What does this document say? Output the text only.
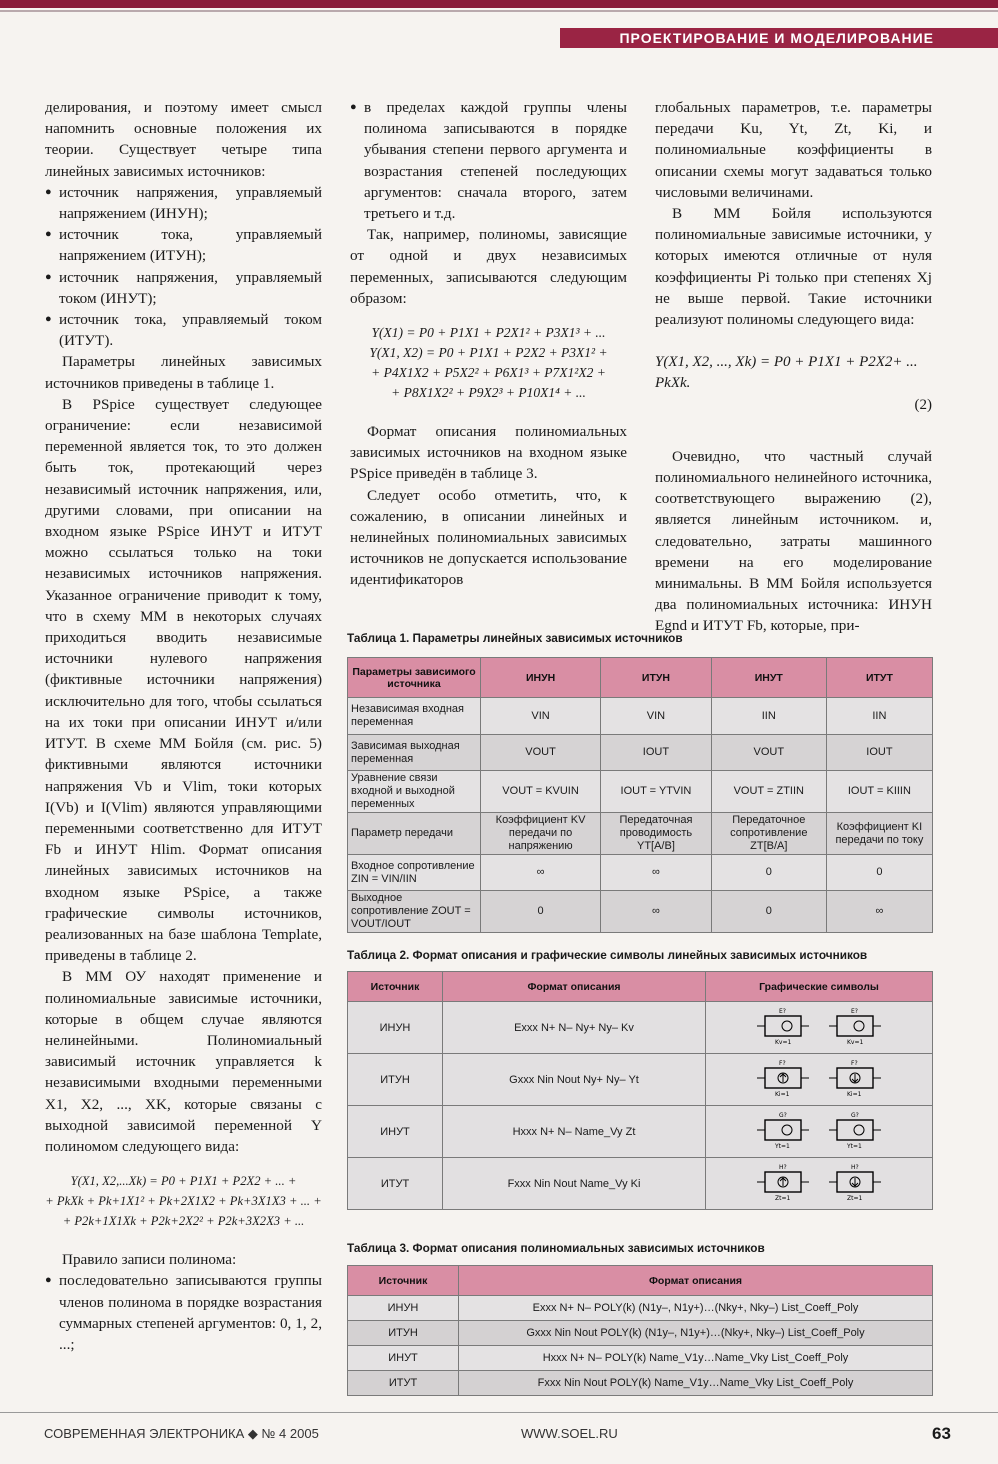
ПРОЕКТИРОВАНИЕ И МОДЕЛИРОВАНИЕ

делирования, и поэтому имеет смысл напомнить основные положения их теории. Существует четыре типа линейных зависимых источников:

● источник напряжения, управляемый напряжением (ИНУН);
● источник тока, управляемый напряжением (ИТУН);
● источник напряжения, управляемый током (ИНУТ);
● источник тока, управляемый током (ИТУТ).

Параметры линейных зависимых источников приведены в таблице 1.

В PSpice существует следующее ограничение: если независимой переменной является ток, то это должен быть ток, протекающий через независимый источник напряжения, или, другими словами, при описании на входном языке PSpice ИНУТ и ИТУТ можно ссылаться только на токи независимых источников напряжения. Указанное ограничение приводит к тому, что в схему ММ в некоторых случаях приходиться вводить независимые источники нулевого напряжения (фиктивные источники напряжения) исключительно для того, чтобы ссылаться на их токи при описании ИНУТ и/или ИТУТ. В схеме ММ Бойля (см. рис. 5) фиктивными являются источники напряжения Vb и Vlim, токи которых I(Vb) и I(Vlim) являются управляющими переменными соответственно для ИТУТ Fb и ИНУТ Hlim. Формат описания линейных зависимых источников на входном языке PSpice, а также графические символы источников, реализованных на базе шаблона Template, приведены в таблице 2.

В ММ ОУ находят применение и полиномиальные зависимые источники, которые в общем случае являются нелинейными. Полиномиальный зависимый источник управляется k независимыми входными переменными X1, X2, ..., XK, которые связаны с выходной зависимой переменной Y полиномом следующего вида:

Y(X1, X2,...Xk) = P0 + P1X1 + P2X2 + ... +
+ PkXk + Pk+1X1² + Pk+2X1X2 + Pk+3X1X3 + ... +
+ P2k+1X1Xk + P2k+2X2² + P2k+3X2X3 + ...

Правило записи полинома:

● последовательно записываются группы членов полинома в порядке возрастания суммарных степеней аргументов: 0, 1, 2, ...;
● в пределах каждой группы члены полинома записываются в порядке убывания степени первого аргумента и возрастания степеней последующих аргументов: сначала второго, затем третьего и т.д.

Так, например, полиномы, зависящие от одной и двух независимых переменных, записываются следующим образом:

Y(X1) = P0 + P1X1 + P2X1² + P3X1³ + ...
Y(X1, X2) = P0 + P1X1 + P2X2 + P3X1² +
+ P4X1X2 + P5X2² + P6X1³ + P7X1²X2 +
+ P8X1X2² + P9X2³ + P10X1⁴ + ...

Формат описания полиномиальных зависимых источников на входном языке PSpice приведён в таблице 3.

Следует особо отметить, что, к сожалению, в описании линейных и нелинейных полиномиальных зависимых источников не допускается использование идентификаторов

глобальных параметров, т.е. параметры передачи Ku, Yt, Zt, Ki, и полиномиальные коэффициенты в описании схемы могут задаваться только числовыми величинами.

В ММ Бойля используются полиномиальные зависимые источники, у которых имеются отличные от нуля коэффициенты Pi только при степенях Xj не выше первой. Такие источники реализуют полиномы следующего вида:

Y(X1, X2, ..., Xk) = P0 + P1X1 + P2X2+ ... PkXk.
(2)

Очевидно, что частный случай полиномиального нелинейного источника, соответствующего выражению (2), является линейным источником. и, следовательно, затраты машинного времени на его моделирование минимальны. В ММ Бойля используется два полиномиальных источника: ИНУН Egnd и ИТУТ Fb, которые, при-

Таблица 1. Параметры линейных зависимых источников
Параметры зависимого источника	ИНУН	ИТУН	ИНУТ	ИТУТ
Независимая входная переменная	VIN	VIN	IIN	IIN
Зависимая выходная переменная	VOUT	IOUT	VOUT	IOUT
Уравнение связи входной и выходной переменных	VOUT = KVUIN	IOUT = YTVIN	VOUT = ZTIIN	IOUT = KIIIN
Параметр передачи	Коэффициент KV передачи по напряжению	Передаточная проводимость YT[A/B]	Передаточное сопротивление ZT[B/A]	Коэффициент KI передачи по току
Входное сопротивление ZIN = VIN/IIN	∞	∞	0	0
Выходное сопротивление ZOUT = VOUT/IOUT	0	∞	0	∞
Таблица 2. Формат описания и графические символы линейных зависимых источников
Источник	Формат описания	Графические символы
ИНУН	Exxx N+ N– Ny+ Ny– Kv	E?
Kv=1

E?
Kv=1

ИТУН	Gxxx Nin Nout Ny+ Ny– Yt	F?
Ki=1

F?
Ki=1

ИНУТ	Hxxx N+ N– Name_Vy Zt	G?
Yt=1

G?
Yt=1

ИТУТ	Fxxx Nin Nout Name_Vy Ki	H?
Zt=1

H?
Zt=1
Таблица 3. Формат описания полиномиальных зависимых источников
Источник	Формат описания
ИНУН	Exxx N+ N– POLY(k) (N1y–, N1y+)…(Nky+, Nky–) List_Coeff_Poly
ИТУН	Gxxx Nin Nout POLY(k) (N1y–, N1y+)…(Nky+, Nky–) List_Coeff_Poly
ИНУТ	Hxxx N+ N– POLY(k) Name_V1y…Name_Vky List_Coeff_Poly
ИТУТ	Fxxx Nin Nout POLY(k) Name_V1y…Name_Vky List_Coeff_Poly
СОВРЕМЕННАЯ ЭЛЕКТРОНИКА ◆ № 4 2005	WWW.SOEL.RU	63
